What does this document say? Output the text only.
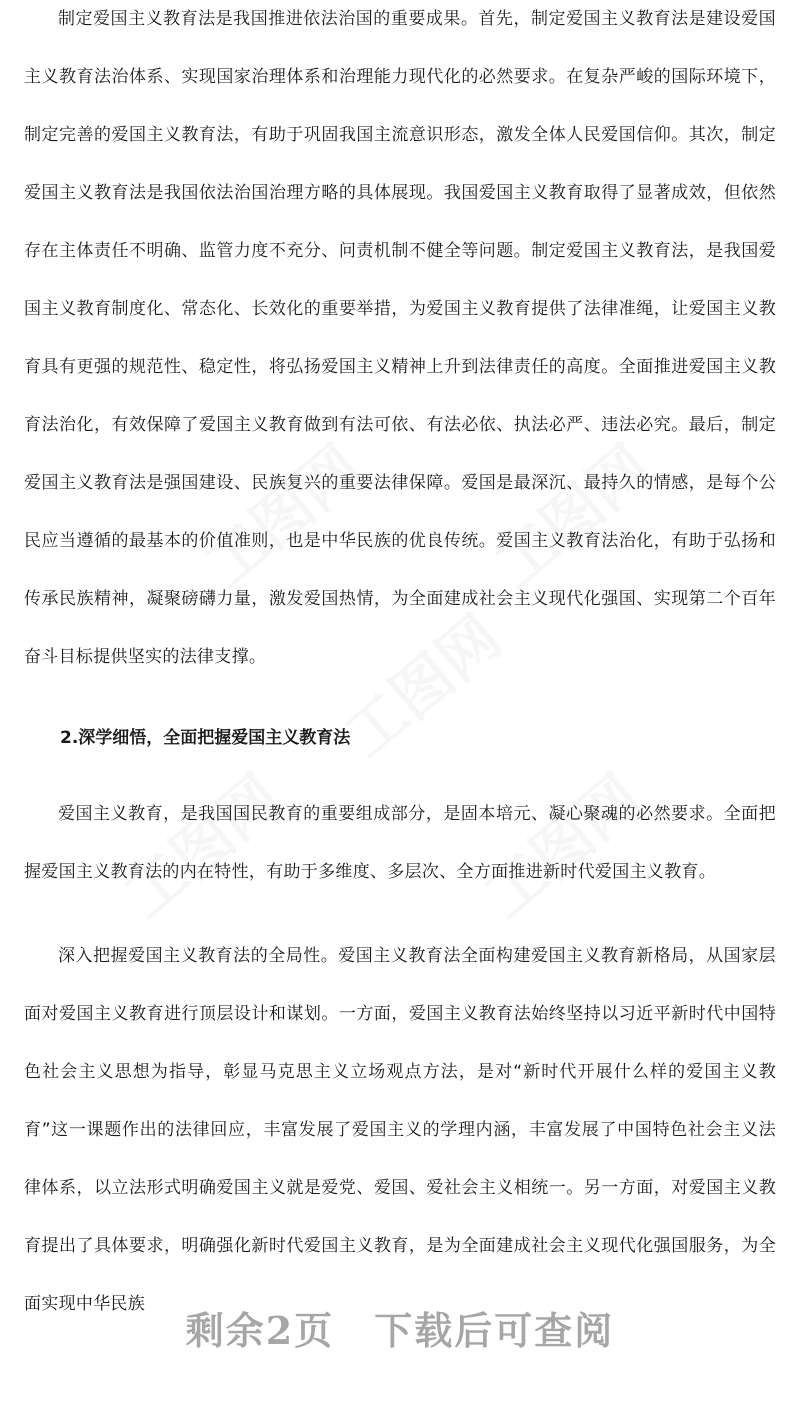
制定爱国主义教育法是我国推进依法治国的重要成果。首先，制定爱国主义教育法是建设爱国主义教育法治体系、实现国家治理体系和治理能力现代化的必然要求。在复杂严峻的国际环境下，制定完善的爱国主义教育法，有助于巩固我国主流意识形态，激发全体人民爱国信仰。其次，制定爱国主义教育法是我国依法治国治理方略的具体展现。我国爱国主义教育取得了显著成效，但依然存在主体责任不明确、监管力度不充分、问责机制不健全等问题。制定爱国主义教育法，是我国爱国主义教育制度化、常态化、长效化的重要举措，为爱国主义教育提供了法律准绳，让爱国主义教育具有更强的规范性、稳定性，将弘扬爱国主义精神上升到法律责任的高度。全面推进爱国主义教育法治化，有效保障了爱国主义教育做到有法可依、有法必依、执法必严、违法必究。最后，制定爱国主义教育法是强国建设、民族复兴的重要法律保障。爱国是最深沉、最持久的情感，是每个公民应当遵循的最基本的价值准则，也是中华民族的优良传统。爱国主义教育法治化，有助于弘扬和传承民族精神，凝聚磅礴力量，激发爱国热情，为全面建成社会主义现代化强国、实现第二个百年奋斗目标提供坚实的法律支撑。

2.深学细悟，全面把握爱国主义教育法

爱国主义教育，是我国国民教育的重要组成部分，是固本培元、凝心聚魂的必然要求。全面把握爱国主义教育法的内在特性，有助于多维度、多层次、全方面推进新时代爱国主义教育。

深入把握爱国主义教育法的全局性。爱国主义教育法全面构建爱国主义教育新格局，从国家层面对爱国主义教育进行顶层设计和谋划。一方面，爱国主义教育法始终坚持以习近平新时代中国特色社会主义思想为指导，彰显马克思主义立场观点方法，是对“新时代开展什么样的爱国主义教育”这一课题作出的法律回应，丰富发展了爱国主义的学理内涵，丰富发展了中国特色社会主义法律体系，以立法形式明确爱国主义就是爱党、爱国、爱社会主义相统一。另一方面，对爱国主义教育提出了具体要求，明确强化新时代爱国主义教育，是为全面建成社会主义现代化强国服务，为全面实现中华民族

剩余2页 下载后可查阅
